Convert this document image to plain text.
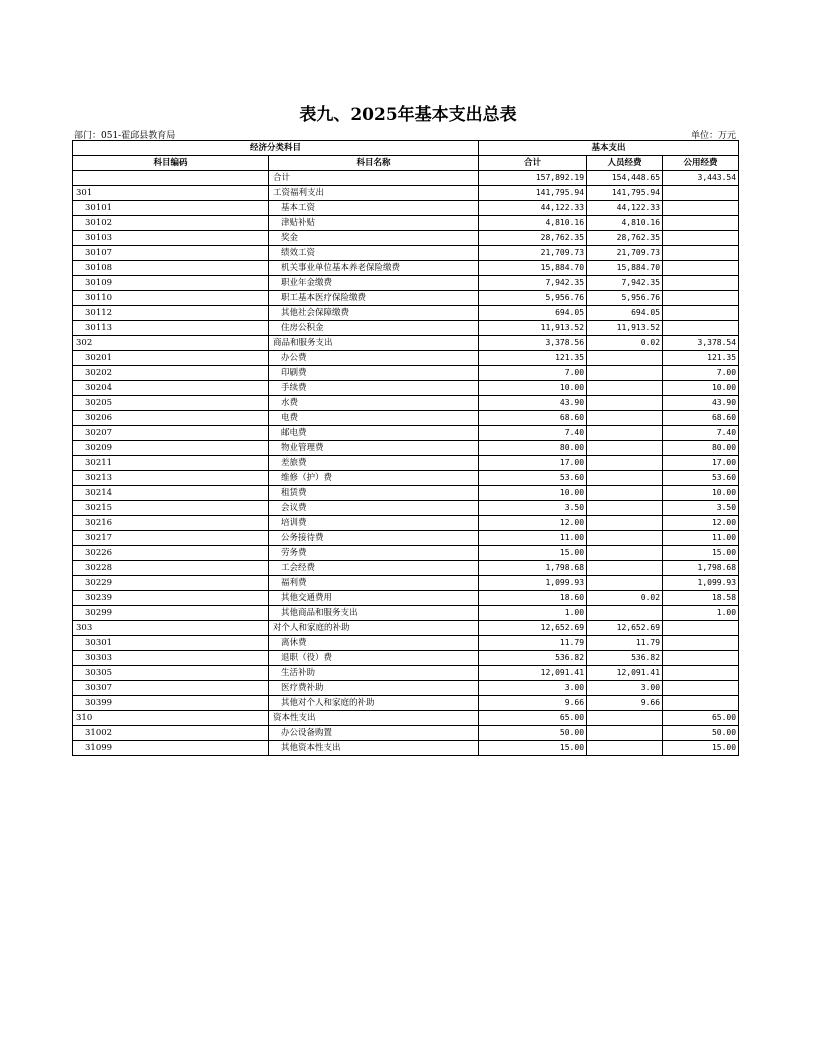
表九、2025年基本支出总表
部门：051-霍邱县教育局	单位：万元
经济分类科目		基本支出		
科目编码	科目名称	合计	人员经费	公用经费
	合计	157,892.19	154,448.65	3,443.54
301	工资福利支出	141,795.94	141,795.94	
30101	基本工资	44,122.33	44,122.33	
30102	津贴补贴	4,810.16	4,810.16	
30103	奖金	28,762.35	28,762.35	
30107	绩效工资	21,709.73	21,709.73	
30108	机关事业单位基本养老保险缴费	15,884.70	15,884.70	
30109	职业年金缴费	7,942.35	7,942.35	
30110	职工基本医疗保险缴费	5,956.76	5,956.76	
30112	其他社会保障缴费	694.05	694.05	
30113	住房公积金	11,913.52	11,913.52	
302	商品和服务支出	3,378.56	0.02	3,378.54
30201	办公费	121.35		121.35
30202	印刷费	7.00		7.00
30204	手续费	10.00		10.00
30205	水费	43.90		43.90
30206	电费	68.60		68.60
30207	邮电费	7.40		7.40
30209	物业管理费	80.00		80.00
30211	差旅费	17.00		17.00
30213	维修（护）费	53.60		53.60
30214	租赁费	10.00		10.00
30215	会议费	3.50		3.50
30216	培训费	12.00		12.00
30217	公务接待费	11.00		11.00
30226	劳务费	15.00		15.00
30228	工会经费	1,798.68		1,798.68
30229	福利费	1,099.93		1,099.93
30239	其他交通费用	18.60	0.02	18.58
30299	其他商品和服务支出	1.00		1.00
303	对个人和家庭的补助	12,652.69	12,652.69	
30301	离休费	11.79	11.79	
30303	退职（役）费	536.82	536.82	
30305	生活补助	12,091.41	12,091.41	
30307	医疗费补助	3.00	3.00	
30399	其他对个人和家庭的补助	9.66	9.66	
310	资本性支出	65.00		65.00
31002	办公设备购置	50.00		50.00
31099	其他资本性支出	15.00		15.00
